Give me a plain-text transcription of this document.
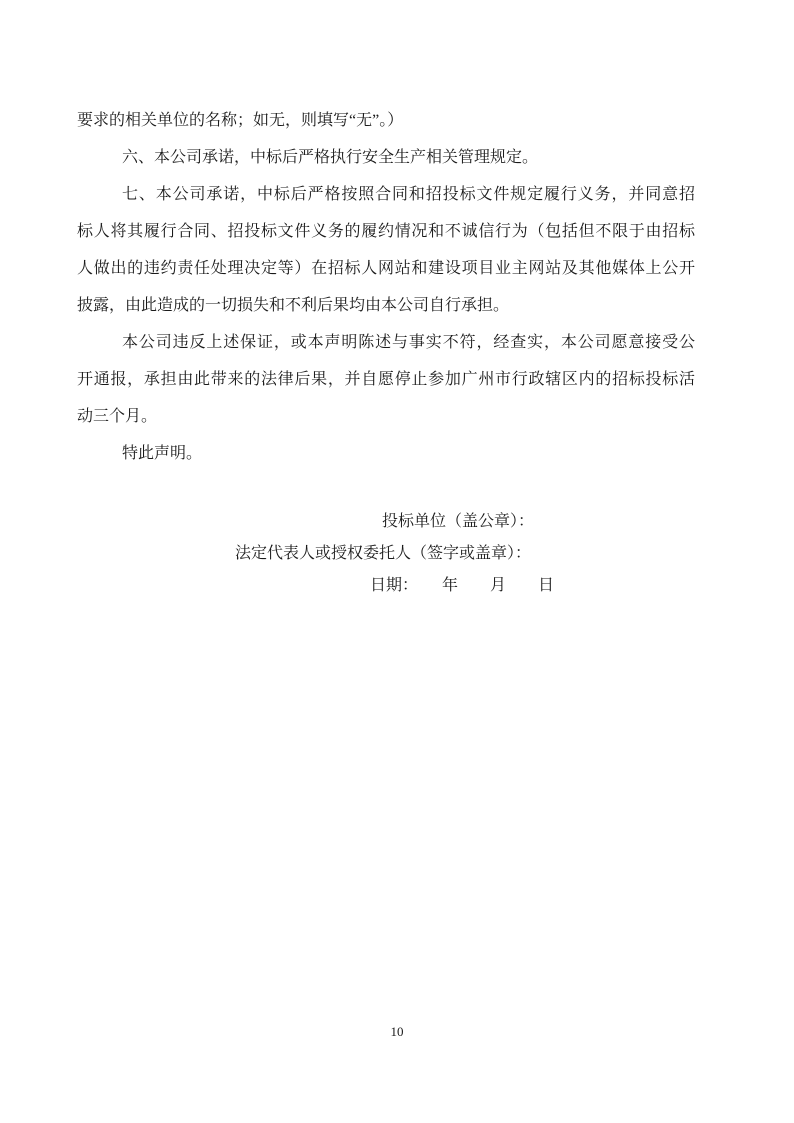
要求的相关单位的名称；如无，则填写“无”。）

六、本公司承诺，中标后严格执行安全生产相关管理规定。

七、本公司承诺，中标后严格按照合同和招投标文件规定履行义务，并同意招

标人将其履行合同、招投标文件义务的履约情况和不诚信行为（包括但不限于由招标

人做出的违约责任处理决定等）在招标人网站和建设项目业主网站及其他媒体上公开

披露，由此造成的一切损失和不利后果均由本公司自行承担。

本公司违反上述保证，或本声明陈述与事实不符，经查实，本公司愿意接受公

开通报，承担由此带来的法律后果，并自愿停止参加广州市行政辖区内的招标投标活

动三个月。

特此声明。

投标单位（盖公章）：
法定代表人或授权委托人（签字或盖章）：
日期：　　年　　月　　日
10
